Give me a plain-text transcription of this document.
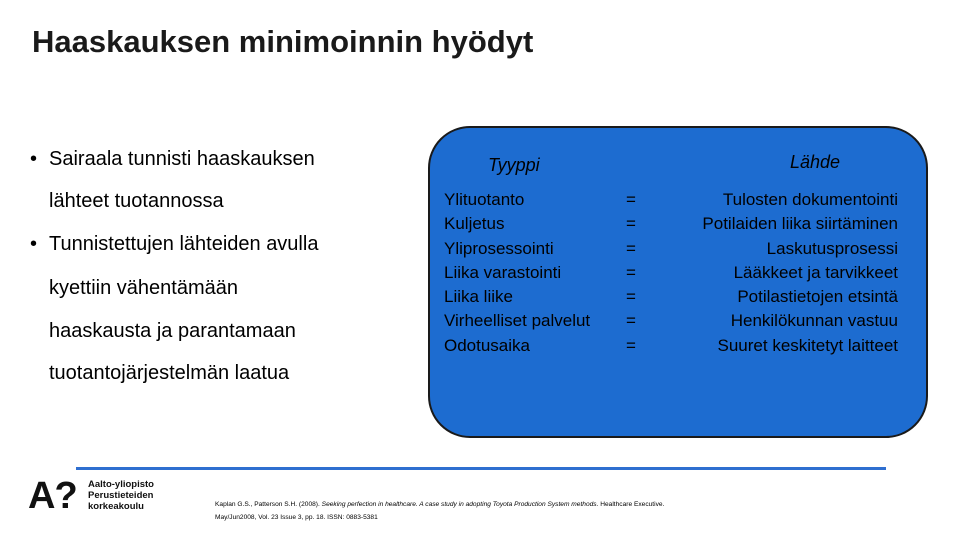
Haaskauksen minimoinnin hyödyt
• Sairaala tunnisti haaskauksen
lähteet tuotannossa
• Tunnistettujen lähteiden avulla
kyettiin vähentämään
haaskausta ja parantamaan
tuotantojärjestelmän laatua
Tyyppi	Lähde
Ylituotanto
Kuljetus
Yliprosessointi
Liika varastointi
Liika liike
Virheelliset palvelut
Odotusaika
=
=
=
=
=
=
=
Tulosten dokumentointi
Potilaiden liika siirtäminen
Laskutusprosessi
Lääkkeet ja tarvikkeet
Potilastietojen etsintä
Henkilökunnan vastuu
Suuret keskitetyt laitteet
A? Aalto-yliopisto
Perustieteiden
korkeakoulu	Kaplan G.S., Patterson S.H. (2008). Seeking perfection in healthcare. A case study in adopting Toyota Production System methods. Healthcare Executive.
May/Jun2008, Vol. 23 Issue 3, pp. 18. ISSN: 0883-5381
